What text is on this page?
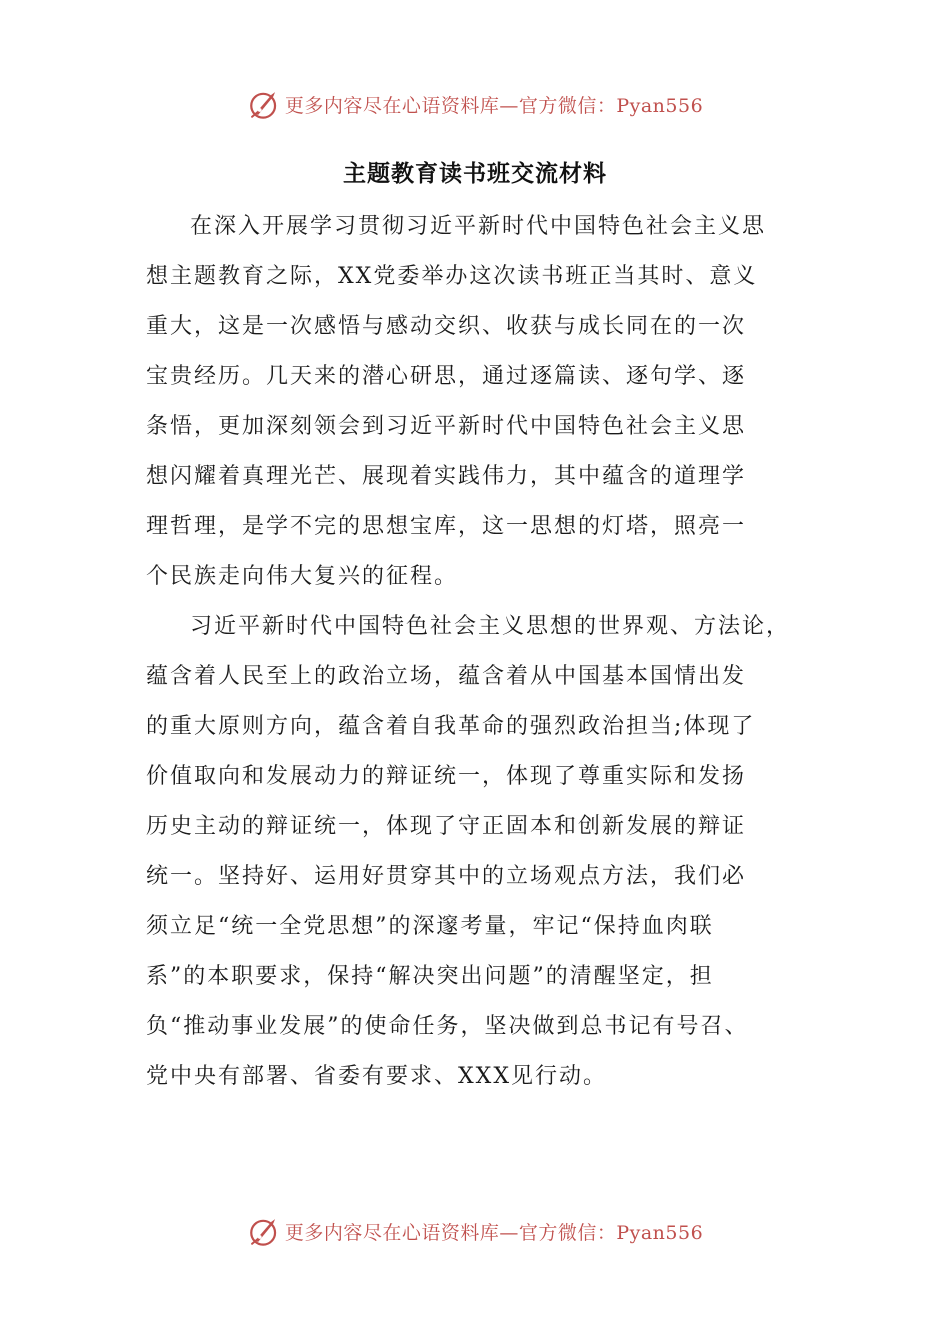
更多内容尽在心语资料库—官方微信：Pyan556
主题教育读书班交流材料

在深入开展学习贯彻习近平新时代中国特色社会主义思
想主题教育之际，XX党委举办这次读书班正当其时、意义
重大，这是一次感悟与感动交织、收获与成长同在的一次
宝贵经历。几天来的潜心研思，通过逐篇读、逐句学、逐
条悟，更加深刻领会到习近平新时代中国特色社会主义思
想闪耀着真理光芒、展现着实践伟力，其中蕴含的道理学
理哲理，是学不完的思想宝库，这一思想的灯塔，照亮一
个民族走向伟大复兴的征程。

习近平新时代中国特色社会主义思想的世界观、方法论，
蕴含着人民至上的政治立场，蕴含着从中国基本国情出发
的重大原则方向，蕴含着自我革命的强烈政治担当;体现了
价值取向和发展动力的辩证统一，体现了尊重实际和发扬
历史主动的辩证统一，体现了守正固本和创新发展的辩证
统一。坚持好、运用好贯穿其中的立场观点方法，我们必
须立足“统一全党思想”的深邃考量，牢记“保持血肉联
系”的本职要求，保持“解决突出问题”的清醒坚定，担
负“推动事业发展”的使命任务，坚决做到总书记有号召、
党中央有部署、省委有要求、XXX见行动。

更多内容尽在心语资料库—官方微信：Pyan556
